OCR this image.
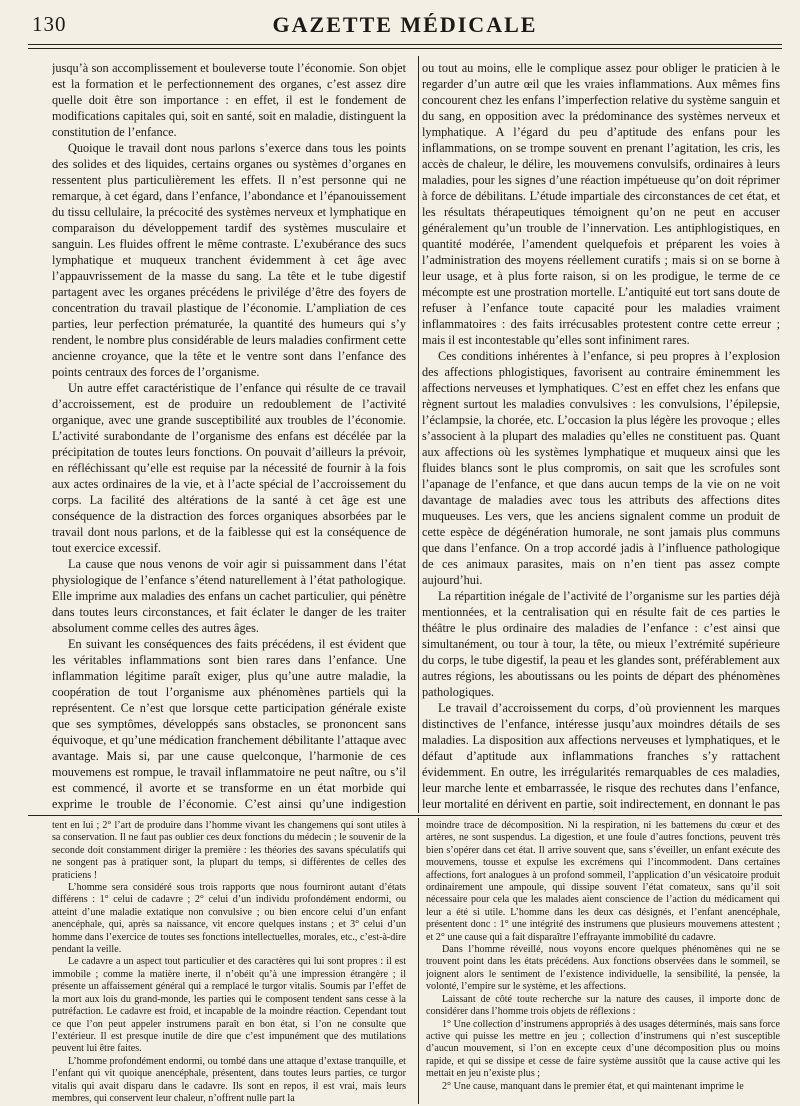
130	GAZETTE MÉDICALE

jusqu’à son accomplissement et bouleverse toute l’économie. Son objet est la formation et le perfectionnement des organes, c’est assez dire quelle doit être son importance : en effet, il est le fondement de modifications capitales qui, soit en santé, soit en maladie, distinguent la constitution de l’enfance.

Quoique le travail dont nous parlons s’exerce dans tous les points des solides et des liquides, certains organes ou systèmes d’organes en ressentent plus particulièrement les effets. Il n’est personne qui ne remarque, à cet égard, dans l’enfance, l’abondance et l’épanouissement du tissu cellulaire, la précocité des systèmes nerveux et lymphatique en comparaison du développement tardif des systèmes musculaire et sanguin. Les fluides offrent le même contraste. L’exubérance des sucs lymphatique et muqueux tranchent évidemment à cet âge avec l’appauvrissement de la masse du sang. La tête et le tube digestif partagent avec les organes précédens le privilége d’être des foyers de concentration du travail plastique de l’économie. L’ampliation de ces parties, leur perfection prématurée, la quantité des humeurs qui s’y rendent, le nombre plus considérable de leurs maladies confirment cette ancienne croyance, que la tête et le ventre sont dans l’enfance des points centraux des forces de l’organisme.

Un autre effet caractéristique de l’enfance qui résulte de ce travail d’accroissement, est de produire un redoublement de l’activité organique, avec une grande susceptibilité aux troubles de l’économie. L’activité surabondante de l’organisme des enfans est décélée par la précipitation de toutes leurs fonctions. On pouvait d’ailleurs la prévoir, en réfléchissant qu’elle est requise par la nécessité de fournir à la fois aux actes ordinaires de la vie, et à l’acte spécial de l’accroissement du corps. La facilité des altérations de la santé à cet âge est une conséquence de la distraction des forces organiques absorbées par le travail dont nous parlons, et de la faiblesse qui est la conséquence de tout exercice excessif.

La cause que nous venons de voir agir si puissamment dans l’état physiologique de l’enfance s’étend naturellement à l’état pathologique. Elle imprime aux maladies des enfans un cachet particulier, qui pénètre dans toutes leurs circonstances, et fait éclater le danger de les traiter absolument comme celles des autres âges.

En suivant les conséquences des faits précédens, il est évident que les véritables inflammations sont bien rares dans l’enfance. Une inflammation légitime paraît exiger, plus qu’une autre maladie, la coopération de tout l’organisme aux phénomènes partiels qui la représentent. Ce n’est que lorsque cette participation générale existe que ses symptômes, développés sans obstacles, se prononcent sans équivoque, et qu’une médication franchement débilitante l’attaque avec avantage. Mais si, par une cause quelconque, l’harmonie de ces mouvemens est rompue, le travail inflammatoire ne peut naître, ou s’il est commencé, il avorte et se transforme en un état morbide qui exprime le trouble de l’économie. C’est ainsi qu’une indigestion

ou tout au moins, elle le complique assez pour obliger le praticien à le regarder d’un autre œil que les vraies inflammations. Aux mêmes fins concourent chez les enfans l’imperfection relative du système sanguin et du sang, en opposition avec la prédominance des systèmes nerveux et lymphatique. A l’égard du peu d’aptitude des enfans pour les inflammations, on se trompe souvent en prenant l’agitation, les cris, les accès de chaleur, le délire, les mouvemens convulsifs, ordinaires à leurs maladies, pour les signes d’une réaction impétueuse qu’on doit réprimer à force de débilitans. L’étude impartiale des circonstances de cet état, et les résultats thérapeutiques témoignent qu’on ne peut en accuser généralement qu’un trouble de l’innervation. Les antiphlogistiques, en quantité modérée, l’amendent quelquefois et préparent les voies à l’administration des moyens réellement curatifs ; mais si on se borne à leur usage, et à plus forte raison, si on les prodigue, le terme de ce mécompte est une prostration mortelle. L’antiquité eut tort sans doute de refuser à l’enfance toute capacité pour les maladies vraiment inflammatoires : des faits irrécusables protestent contre cette erreur ; mais il est incontestable qu’elles sont infiniment rares.

Ces conditions inhérentes à l’enfance, si peu propres à l’explosion des affections phlogistiques, favorisent au contraire éminemment les affections nerveuses et lymphatiques. C’est en effet chez les enfans que règnent surtout les maladies convulsives : les convulsions, l’épilepsie, l’éclampsie, la chorée, etc. L’occasion la plus légère les provoque ; elles s’associent à la plupart des maladies qu’elles ne constituent pas. Quant aux affections où les systèmes lymphatique et muqueux ainsi que les fluides blancs sont le plus compromis, on sait que les scrofules sont l’apanage de l’enfance, et que dans aucun temps de la vie on ne voit davantage de maladies avec tous les attributs des affections dites muqueuses. Les vers, que les anciens signalent comme un produit de cette espèce de dégénération humorale, ne sont jamais plus communs que dans l’enfance. On a trop accordé jadis à l’influence pathologique de ces animaux parasites, mais on n’en tient pas assez compte aujourd’hui.

La répartition inégale de l’activité de l’organisme sur les parties déjà mentionnées, et la centralisation qui en résulte fait de ces parties le théâtre le plus ordinaire des maladies de l’enfance : c’est ainsi que simultanément, ou tour à tour, la tête, ou mieux l’extrémité supérieure du corps, le tube digestif, la peau et les glandes sont, préférablement aux autres régions, les aboutissans ou les points de départ des phénomènes pathologiques.

Le travail d’accroissement du corps, d’où proviennent les marques distinctives de l’enfance, intéresse jusqu’aux moindres détails de ses maladies. La disposition aux affections nerveuses et lymphatiques, et le défaut d’aptitude aux inflammations franches s’y rattachent évidemment. En outre, les irrégularités remarquables de ces maladies, leur marche lente et embarrassée, le risque des rechutes dans l’enfance, leur mortalité en dérivent en partie, soit indirectement, en donnant le pas

tent en lui ; 2° l’art de produire dans l’homme vivant les changemens qui sont utiles à sa conservation. Il ne faut pas oublier ces deux fonctions du médecin ; le souvenir de la seconde doit constamment diriger la première : les théories des savans spéculatifs qui ne songent pas à pratiquer sont, la plupart du temps, si différentes de celles des praticiens !

L’homme sera considéré sous trois rapports que nous fourniront autant d’états différens : 1° celui de cadavre ; 2° celui d’un individu profondément endormi, ou atteint d’une maladie extatique non convulsive ; ou bien encore celui d’un enfant anencéphale, qui, après sa naissance, vit encore quelques instans ; et 3° celui d’un homme dans l’exercice de toutes ses fonctions intellectuelles, morales, etc., c’est-à-dire pendant la veille.

Le cadavre a un aspect tout particulier et des caractères qui lui sont propres : il est immobile ; comme la matière inerte, il n’obéit qu’à une impression étrangère ; il présente un affaissement général qui a remplacé le turgor vitalis. Soumis par l’effet de la mort aux lois du grand-monde, les parties qui le composent tendent sans cesse à la putréfaction. Le cadavre est froid, et incapable de la moindre réaction. Cependant tout ce que l’on peut appeler instrumens paraît en bon état, si l’on ne consulte que l’extérieur. Il est presque inutile de dire que c’est impunément que des mutilations peuvent lui être faites.

L’homme profondément endormi, ou tombé dans une attaque d’extase tranquille, et l’enfant qui vit quoique anencéphale, présentent, dans toutes leurs parties, ce turgor vitalis qui avait disparu dans le cadavre. Ils sont en repos, il est vrai, mais leurs membres, qui conservent leur chaleur, n’offrent nulle part la

moindre trace de décomposition. Ni la respiration, ni les battemens du cœur et des artères, ne sont suspendus. La digestion, et une foule d’autres fonctions, peuvent très bien s’opérer dans cet état. Il arrive souvent que, sans s’éveiller, un enfant exécute des mouvemens, tousse et expulse les excrémens qui l’incommodent. Dans certaines affections, fort analogues à un profond sommeil, l’application d’un vésicatoire produit ordinairement une ampoule, qui dissipe souvent l’état comateux, sans qu’il soit nécessaire pour cela que les malades aient conscience de l’action du médicament qui leur a été si utile. L’homme dans les deux cas désignés, et l’enfant anencéphale, présentent donc : 1° une intégrité des instrumens que plusieurs mouvemens attestent ; et 2° une cause qui a fait disparaître l’effrayante immobilité du cadavre.

Dans l’homme réveillé, nous voyons encore quelques phénomènes qui ne se trouvent point dans les états précédens. Aux fonctions observées dans le sommeil, se joignent alors le sentiment de l’existence individuelle, la sensibilité, la pensée, la volonté, l’empire sur le système, et les affections.

Laissant de côté toute recherche sur la nature des causes, il importe donc de considérer dans l’homme trois objets de réflexions :

1° Une collection d’instrumens appropriés à des usages déterminés, mais sans force active qui puisse les mettre en jeu ; collection d’instrumens qui n’est susceptible d’aucun mouvement, si l’on en excepte ceux d’une décomposition plus ou moins rapide, et qui se dissipe et cesse de faire système aussitôt que la cause active qui les mettait en jeu n’existe plus ;

2° Une cause, manquant dans le premier état, et qui maintenant imprime le
